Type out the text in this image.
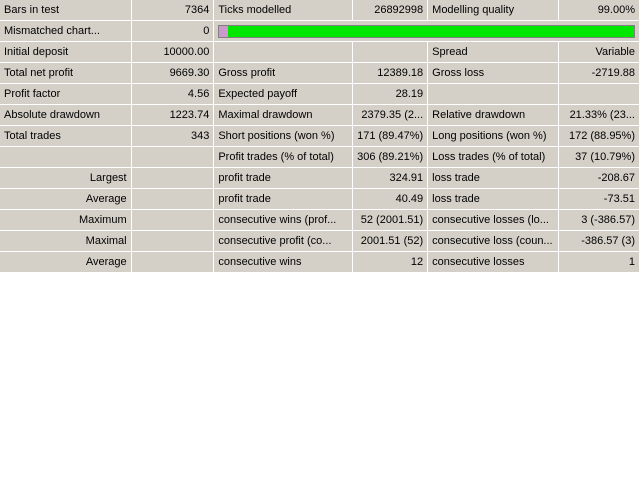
Bars in test	7364	Ticks modelled	26892998	Modelling quality	99.00%
Mismatched chart...	0				

Initial deposit	10000.00			Spread	Variable
Total net profit	9669.30	Gross profit	12389.18	Gross loss	-2719.88
Profit factor	4.56	Expected payoff	28.19		
Absolute drawdown	1223.74	Maximal drawdown	2379.35 (2...	Relative drawdown	21.33% (23...
Total trades	343	Short positions (won %)	171 (89.47%)	Long positions (won %)	172 (88.95%)
		Profit trades (% of total)	306 (89.21%)	Loss trades (% of total)	37 (10.79%)
Largest		profit trade	324.91	loss trade	-208.67
Average		profit trade	40.49	loss trade	-73.51
Maximum		consecutive wins (prof...	52 (2001.51)	consecutive losses (lo...	3 (-386.57)
Maximal		consecutive profit (co...	2001.51 (52)	consecutive loss (coun...	-386.57 (3)
Average		consecutive wins	12	consecutive losses	1
